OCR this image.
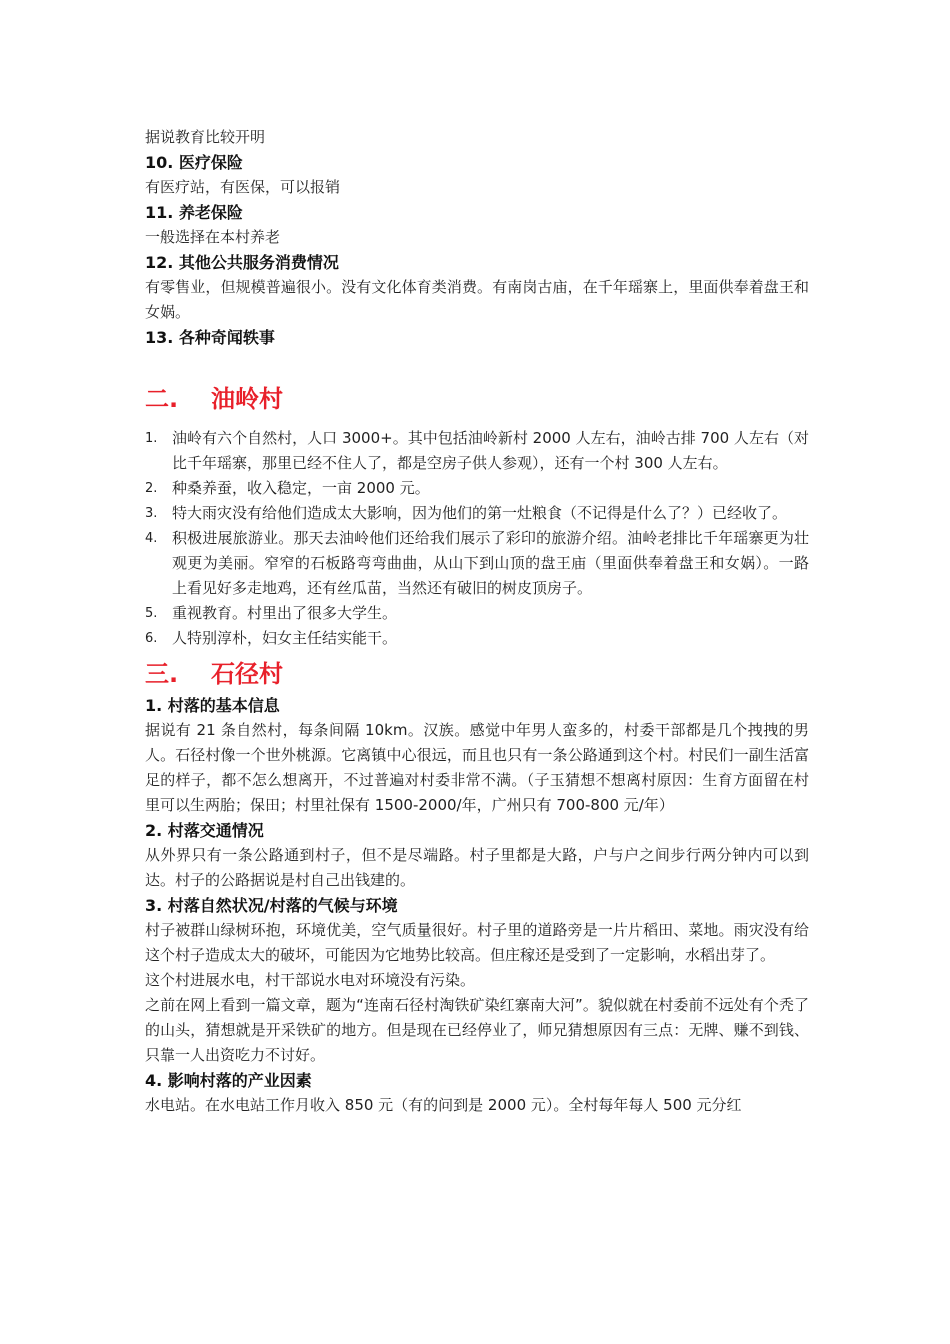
据说教育比较开明

10. 医疗保险

有医疗站，有医保，可以报销

11. 养老保险

一般选择在本村养老

12. 其他公共服务消费情况

有零售业，但规模普遍很小。没有文化体育类消费。有南岗古庙，在千年瑶寨上，里面供奉着盘王和女娲。

13. 各种奇闻轶事

二.	油岭村
1. 油岭有六个自然村，人口 3000+。其中包括油岭新村 2000 人左右，油岭古排 700 人左右（对比千年瑶寨，那里已经不住人了，都是空房子供人参观），还有一个村 300 人左右。
2. 种桑养蚕，收入稳定，一亩 2000 元。
3. 特大雨灾没有给他们造成太大影响，因为他们的第一灶粮食（不记得是什么了？）已经收了。
4. 积极进展旅游业。那天去油岭他们还给我们展示了彩印的旅游介绍。油岭老排比千年瑶寨更为壮观更为美丽。窄窄的石板路弯弯曲曲，从山下到山顶的盘王庙（里面供奉着盘王和女娲）。一路上看见好多走地鸡，还有丝瓜苗，当然还有破旧的树皮顶房子。
5. 重视教育。村里出了很多大学生。
6. 人特别淳朴，妇女主任结实能干。
三.	石径村

1. 村落的基本信息

据说有 21 条自然村，每条间隔 10km。汉族。感觉中年男人蛮多的，村委干部都是几个拽拽的男人。石径村像一个世外桃源。它离镇中心很远，而且也只有一条公路通到这个村。村民们一副生活富足的样子，都不怎么想离开，不过普遍对村委非常不满。（子玉猜想不想离村原因：生育方面留在村里可以生两胎；保田；村里社保有 1500-2000/年，广州只有 700-800 元/年）

2. 村落交通情况

从外界只有一条公路通到村子，但不是尽端路。村子里都是大路，户与户之间步行两分钟内可以到达。村子的公路据说是村自己出钱建的。

3. 村落自然状况/村落的气候与环境

村子被群山绿树环抱，环境优美，空气质量很好。村子里的道路旁是一片片稻田、菜地。雨灾没有给这个村子造成太大的破坏，可能因为它地势比较高。但庄稼还是受到了一定影响，水稻出芽了。

这个村进展水电，村干部说水电对环境没有污染。

之前在网上看到一篇文章，题为“连南石径村淘铁矿染红寨南大河”。貌似就在村委前不远处有个秃了的山头，猜想就是开采铁矿的地方。但是现在已经停业了，师兄猜想原因有三点：无牌、赚不到钱、只靠一人出资吃力不讨好。

4. 影响村落的产业因素

水电站。在水电站工作月收入 850 元（有的问到是 2000 元）。全村每年每人 500 元分红
